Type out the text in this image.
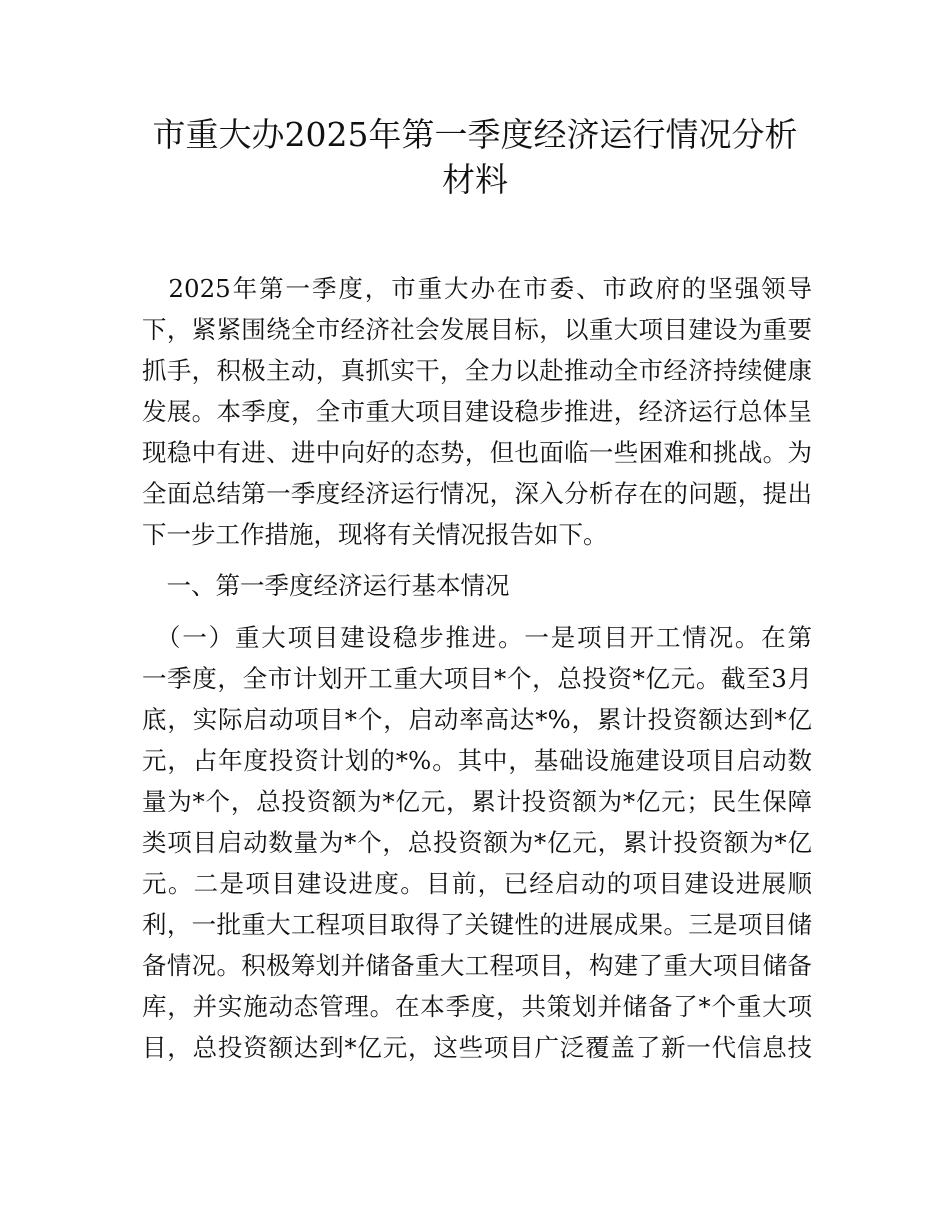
市重大办2025年第一季度经济运行情况分析
材料
　2025年第一季度，市重大办在市委、市政府的坚强领导
下，紧紧围绕全市经济社会发展目标，以重大项目建设为重要
抓手，积极主动，真抓实干，全力以赴推动全市经济持续健康
发展。本季度，全市重大项目建设稳步推进，经济运行总体呈
现稳中有进、进中向好的态势，但也面临一些困难和挑战。为
全面总结第一季度经济运行情况，深入分析存在的问题，提出
下一步工作措施，现将有关情况报告如下。
　一、第一季度经济运行基本情况
　（一）重大项目建设稳步推进。一是项目开工情况。在第
一季度，全市计划开工重大项目*个，总投资*亿元。截至3月
底，实际启动项目*个，启动率高达*%，累计投资额达到*亿
元，占年度投资计划的*%。其中，基础设施建设项目启动数
量为*个，总投资额为*亿元，累计投资额为*亿元；民生保障
类项目启动数量为*个，总投资额为*亿元，累计投资额为*亿
元。二是项目建设进度。目前，已经启动的项目建设进展顺
利，一批重大工程项目取得了关键性的进展成果。三是项目储
备情况。积极筹划并储备重大工程项目，构建了重大项目储备
库，并实施动态管理。在本季度，共策划并储备了*个重大项
目，总投资额达到*亿元，这些项目广泛覆盖了新一代信息技
